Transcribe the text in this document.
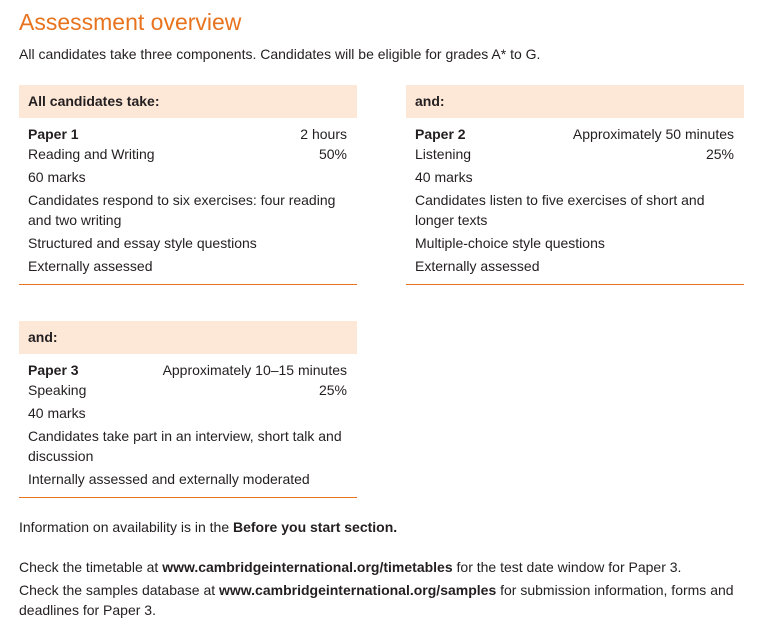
Assessment overview
All candidates take three components. Candidates will be eligible for grades A* to G.
All candidates take:
Paper 1	2 hours
Reading and Writing	50%
60 marks
Candidates respond to six exercises: four reading and two writing
Structured and essay style questions
Externally assessed
and:
Paper 2	Approximately 50 minutes
Listening	25%
40 marks
Candidates listen to five exercises of short and longer texts
Multiple-choice style questions
Externally assessed
and:
Paper 3	Approximately 10–15 minutes
Speaking	25%
40 marks
Candidates take part in an interview, short talk and discussion
Internally assessed and externally moderated
Information on availability is in the Before you start section.
Check the timetable at www.cambridgeinternational.org/timetables for the test date window for Paper 3.
Check the samples database at www.cambridgeinternational.org/samples for submission information, forms and deadlines for Paper 3.
